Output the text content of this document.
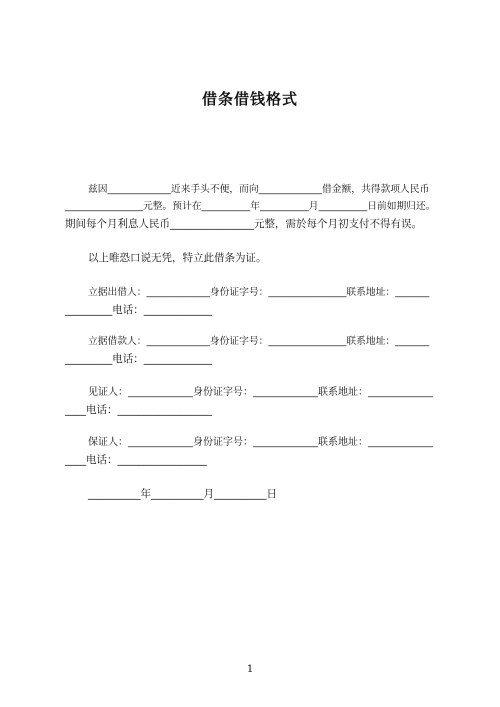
借条借钱格式
兹因_____________近来手头不便，而向_____________借金额，共得款项人民币
________________元整。预计在__________年__________月__________日前如期归还。
期间每个月利息人民币________________元整，需於每个月初支付不得有误。
以上唯恐口说无凭，特立此借条为证。
立据出借人：_____________身份证字号：________________联系地址：_______
_________电话：_____________
立据借款人：_____________身份证字号：________________联系地址：_______
_________电话：_____________
见证人：_____________身份证字号：_____________联系地址：_____________
____电话：__________________
保证人：_____________身份证字号：_____________联系地址：_____________
____电话：_________________
__________年__________月__________日
1
